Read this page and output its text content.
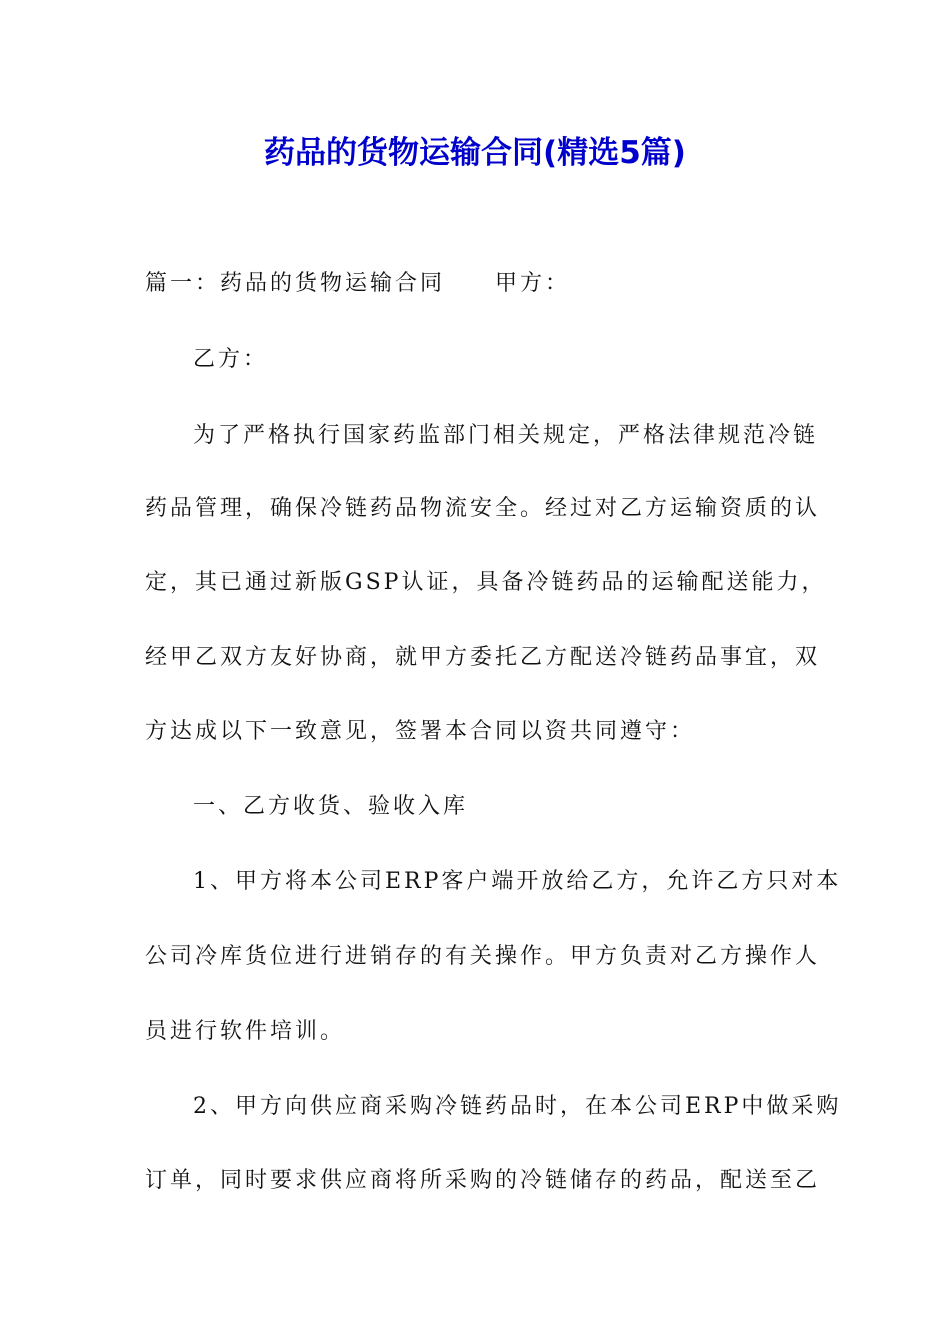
药品的货物运输合同(精选5篇)
篇一：药品的货物运输合同 甲方：
乙方：
为了严格执行国家药监部门相关规定，严格法律规范冷链
药品管理，确保冷链药品物流安全。经过对乙方运输资质的认
定，其已通过新版GSP认证，具备冷链药品的运输配送能力，
经甲乙双方友好协商，就甲方委托乙方配送冷链药品事宜，双
方达成以下一致意见，签署本合同以资共同遵守：
一、乙方收货、验收入库
1、甲方将本公司ERP客户端开放给乙方，允许乙方只对本
公司冷库货位进行进销存的有关操作。甲方负责对乙方操作人
员进行软件培训。
2、甲方向供应商采购冷链药品时，在本公司ERP中做采购
订单，同时要求供应商将所采购的冷链储存的药品，配送至乙
